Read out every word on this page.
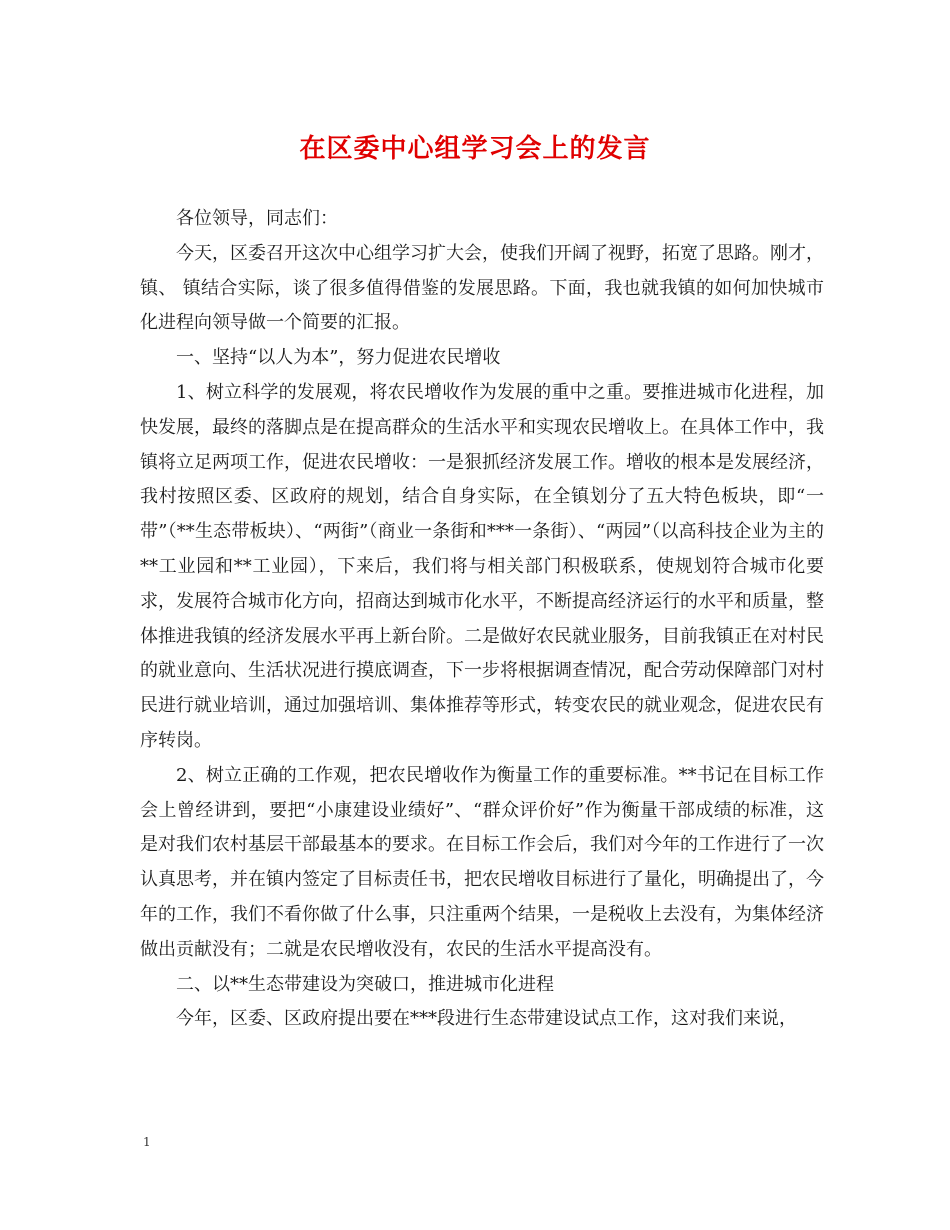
在区委中心组学习会上的发言

各位领导，同志们：

今天，区委召开这次中心组学习扩大会，使我们开阔了视野，拓宽了思路。刚才， 镇、 镇结合实际，谈了很多值得借鉴的发展思路。下面，我也就我镇的如何加快城市化进程向领导做一个简要的汇报。

一、坚持“以人为本”，努力促进农民增收

1、树立科学的发展观，将农民增收作为发展的重中之重。要推进城市化进程，加快发展，最终的落脚点是在提高群众的生活水平和实现农民增收上。在具体工作中，我镇将立足两项工作，促进农民增收：一是狠抓经济发展工作。增收的根本是发展经济，我村按照区委、区政府的规划，结合自身实际，在全镇划分了五大特色板块，即“一带”（**生态带板块）、“两街”（商业一条街和***一条街）、“两园”（以高科技企业为主的**工业园和**工业园），下来后，我们将与相关部门积极联系，使规划符合城市化要求，发展符合城市化方向，招商达到城市化水平，不断提高经济运行的水平和质量，整体推进我镇的经济发展水平再上新台阶。二是做好农民就业服务，目前我镇正在对村民的就业意向、生活状况进行摸底调查，下一步将根据调查情况，配合劳动保障部门对村民进行就业培训，通过加强培训、集体推荐等形式，转变农民的就业观念，促进农民有序转岗。

2、树立正确的工作观，把农民增收作为衡量工作的重要标准。**书记在目标工作会上曾经讲到，要把“小康建设业绩好”、“群众评价好”作为衡量干部成绩的标准，这是对我们农村基层干部最基本的要求。在目标工作会后，我们对今年的工作进行了一次认真思考，并在镇内签定了目标责任书，把农民增收目标进行了量化，明确提出了，今年的工作，我们不看你做了什么事，只注重两个结果，一是税收上去没有，为集体经济做出贡献没有；二就是农民增收没有，农民的生活水平提高没有。

二、以**生态带建设为突破口，推进城市化进程

今年，区委、区政府提出要在***段进行生态带建设试点工作，这对我们来说，

1
